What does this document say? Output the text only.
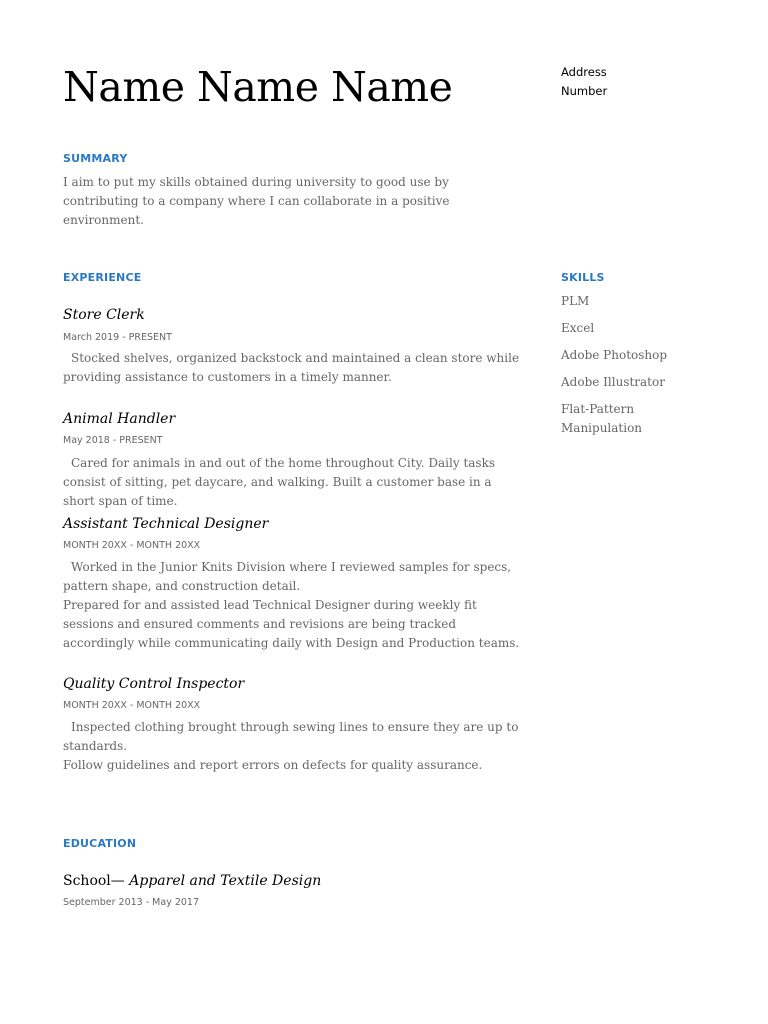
Name Name Name	Address
Number
SUMMARY

I aim to put my skills obtained during university to good use by contributing to a company where I can collaborate in a positive environment.

EXPERIENCE
Store Clerk
March 2019 - PRESENT

Stocked shelves, organized backstock and maintained a clean store while providing assistance to customers in a timely manner.

Animal Handler
May 2018 - PRESENT

Cared for animals in and out of the home throughout City. Daily tasks consist of sitting, pet daycare, and walking. Built a customer base in a short span of time.

Assistant Technical Designer
MONTH 20XX - MONTH 20XX

Worked in the Junior Knits Division where I reviewed samples for specs, pattern shape, and construction detail.

Prepared for and assisted lead Technical Designer during weekly fit sessions and ensured comments and revisions are being tracked accordingly while communicating daily with Design and Production teams.

Quality Control Inspector
MONTH 20XX - MONTH 20XX

Inspected clothing brought through sewing lines to ensure they are up to standards.

Follow guidelines and report errors on defects for quality assurance.

SKILLS
PLM
Excel
Adobe Photoshop
Adobe Illustrator
Flat-Pattern Manipulation
EDUCATION
School— Apparel and Textile Design
September 2013 - May 2017
